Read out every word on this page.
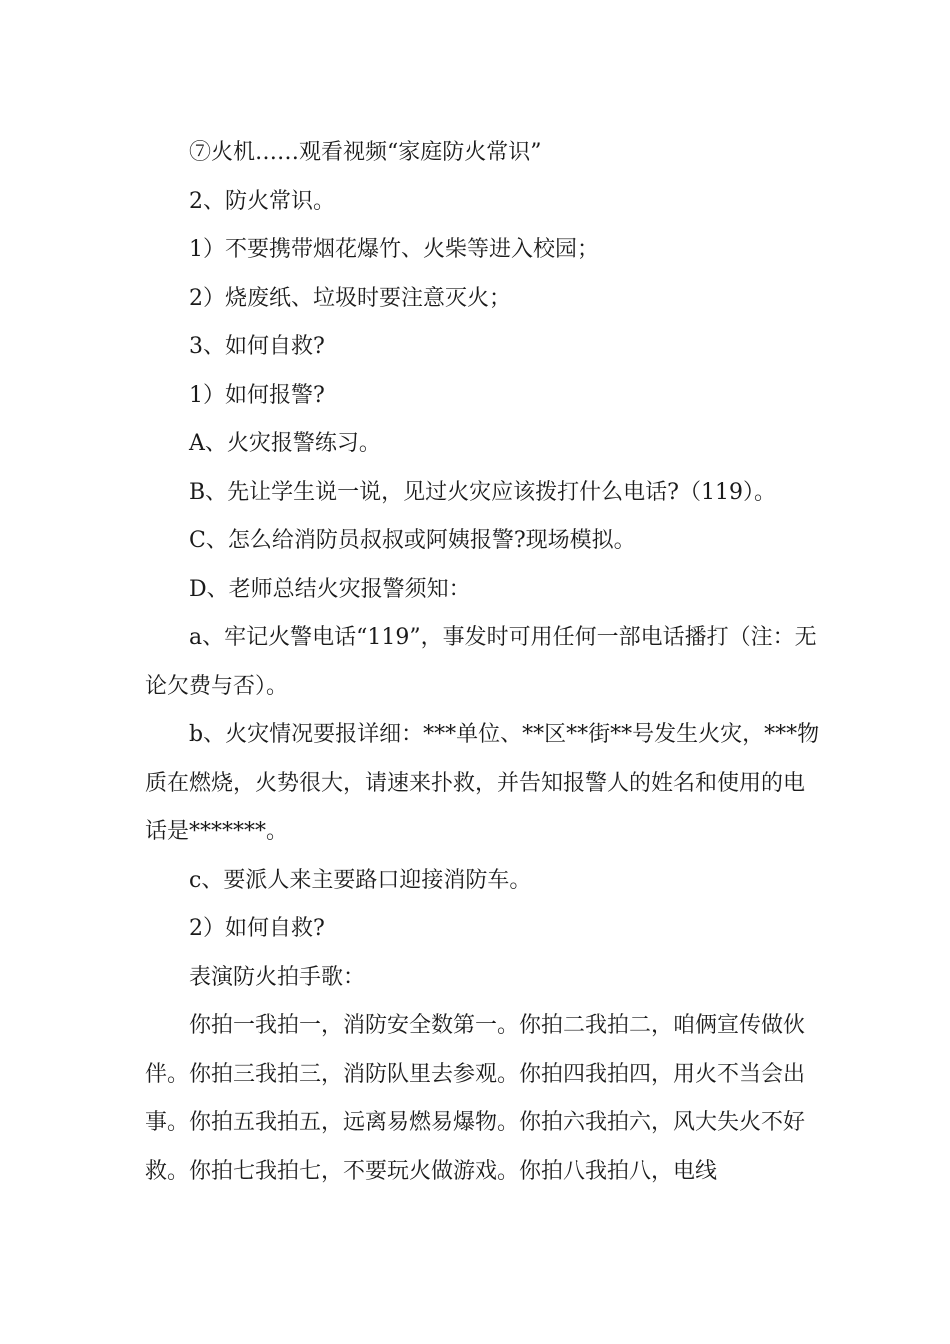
⑦火机……观看视频“家庭防火常识”

2、防火常识。

1）不要携带烟花爆竹、火柴等进入校园；

2）烧废纸、垃圾时要注意灭火；

3、如何自救?

1）如何报警?

A、火灾报警练习。

B、先让学生说一说，见过火灾应该拨打什么电话?（119）。

C、怎么给消防员叔叔或阿姨报警?现场模拟。

D、老师总结火灾报警须知：

a、牢记火警电话“119”，事发时可用任何一部电话播打（注：无论欠费与否）。

b、火灾情况要报详细：***单位、**区**街**号发生火灾，***物质在燃烧，火势很大，请速来扑救，并告知报警人的姓名和使用的电话是*******。

c、要派人来主要路口迎接消防车。

2）如何自救?

表演防火拍手歌：

你拍一我拍一，消防安全数第一。你拍二我拍二，咱俩宣传做伙伴。你拍三我拍三，消防队里去参观。你拍四我拍四，用火不当会出事。你拍五我拍五，远离易燃易爆物。你拍六我拍六，风大失火不好救。你拍七我拍七，不要玩火做游戏。你拍八我拍八，电线
